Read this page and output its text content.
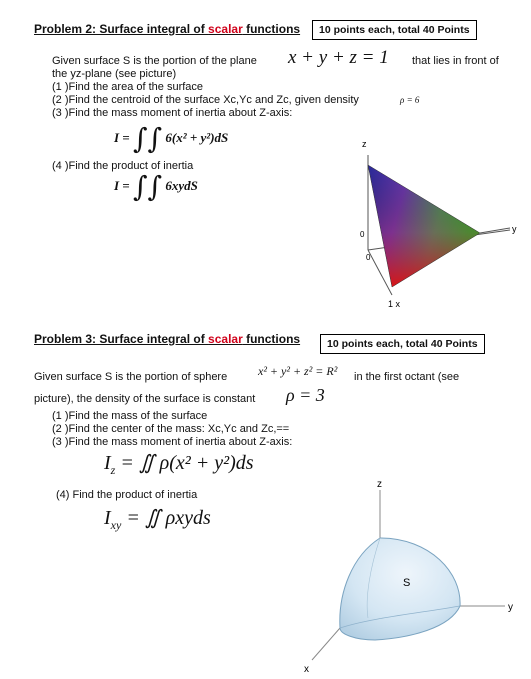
Problem 2: Surface integral of scalar functions	10 points each, total 40 Points
Given surface S is the portion of the plane x + y + z = 1 that lies in front of
the yz-plane (see picture)
(1 )Find the area of the surface
(2 )Find the centroid of the surface Xc,Yc and Zc, given density	ρ = 6
(3 )Find the mass moment of inertia about Z-axis:
I = ∫∫ 6(x² + y²)dS
(4 )Find the product of inertia
I = ∫∫ 6xydS
z
y
1 x
0
0
Problem 3: Surface integral of scalar functions	10 points each, total 40 Points
Given surface S is the portion of sphere	x² + y² + z² = R² in the first octant (see
picture), the density of the surface is constant ρ = 3
(1 )Find the mass of the surface
(2 )Find the center of the mass: Xc,Yc and Zc,==
(3 )Find the mass moment of inertia about Z-axis:
$I_z$ = ∬ ρ(x² + y²)ds
(4) Find the product of inertia
$I_{xy}$ = ∬ ρxyds
z
y
x
S
